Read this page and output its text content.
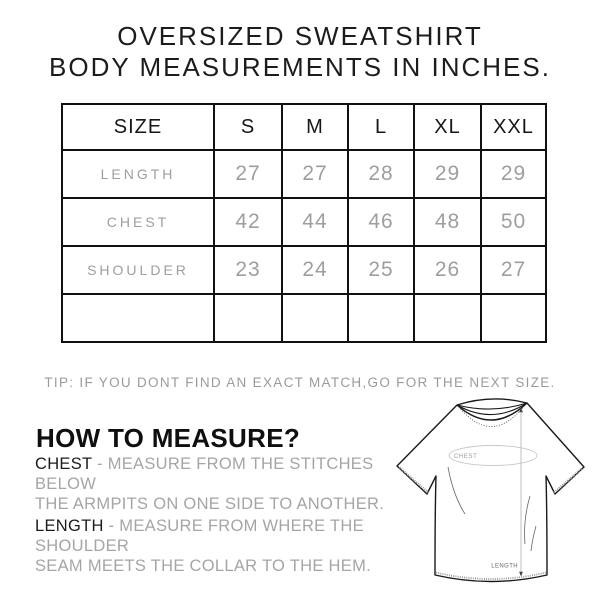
OVERSIZED SWEATSHIRT
BODY MEASUREMENTS IN INCHES.
SIZE	S	M	L	XL	XXL
LENGTH	27	27	28	29	29
CHEST	42	44	46	48	50
SHOULDER	23	24	25	26	27

TIP: IF YOU DONT FIND AN EXACT MATCH,GO FOR THE NEXT SIZE.
HOW TO MEASURE?
CHEST - MEASURE FROM THE STITCHES BELOW
THE ARMPITS ON ONE SIDE TO ANOTHER.
LENGTH - MEASURE FROM WHERE THE SHOULDER
SEAM MEETS THE COLLAR TO THE HEM.
CHEST
LENGTH
